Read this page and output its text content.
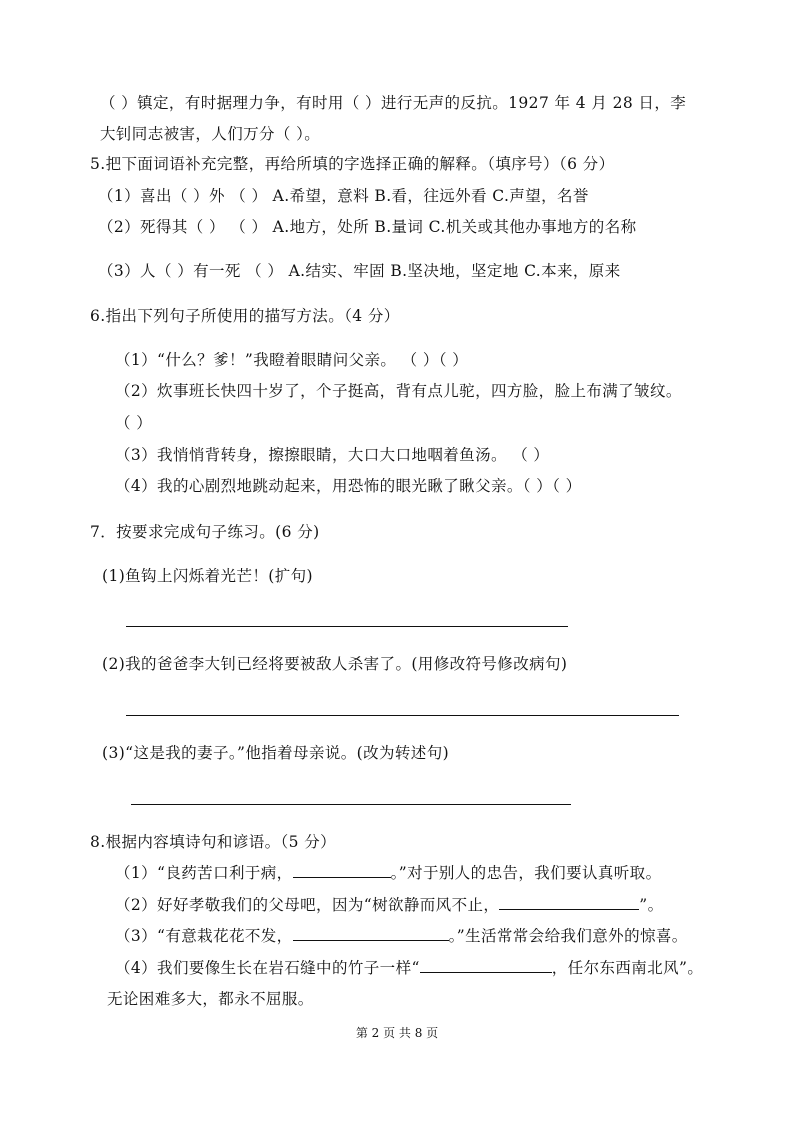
（ ）镇定，有时据理力争，有时用（ ）进行无声的反抗。1927 年 4 月 28 日，李
大钊同志被害，人们万分（ ）。
5.把下面词语补充完整，再给所填的字选择正确的解释。（填序号）（6 分）
（1）喜出（ ）外 （ ） A.希望，意料 B.看，往远外看 C.声望，名誉
（2）死得其（ ） （ ） A.地方，处所 B.量词 C.机关或其他办事地方的名称
（3）人（ ）有一死 （ ） A.结实、牢固 B.坚决地，坚定地 C.本来，原来
6.指出下列句子所使用的描写方法。（4 分）
（1）“什么？爹！”我瞪着眼睛问父亲。 （ ）（ ）
（2）炊事班长快四十岁了，个子挺高，背有点儿驼，四方脸，脸上布满了皱纹。
（ ）
（3）我悄悄背转身，擦擦眼睛，大口大口地咽着鱼汤。 （ ）
（4）我的心剧烈地跳动起来，用恐怖的眼光瞅了瞅父亲。（ ）（ ）
7．按要求完成句子练习。(6 分)
(1)鱼钩上闪烁着光芒！(扩句)
(2)我的爸爸李大钊已经将要被敌人杀害了。(用修改符号修改病句)
(3)“这是我的妻子。”他指着母亲说。(改为转述句)
8.根据内容填诗句和谚语。（5 分）
（1）“良药苦口利于病，	。”对于别人的忠告，我们要认真听取。
（2）好好孝敬我们的父母吧，因为“树欲静而风不止，	”。
（3）“有意栽花花不发，	。”生活常常会给我们意外的惊喜。
（4）我们要像生长在岩石缝中的竹子一样“	，任尔东西南北风”。
无论困难多大，都永不屈服。
第 2 页 共 8 页
